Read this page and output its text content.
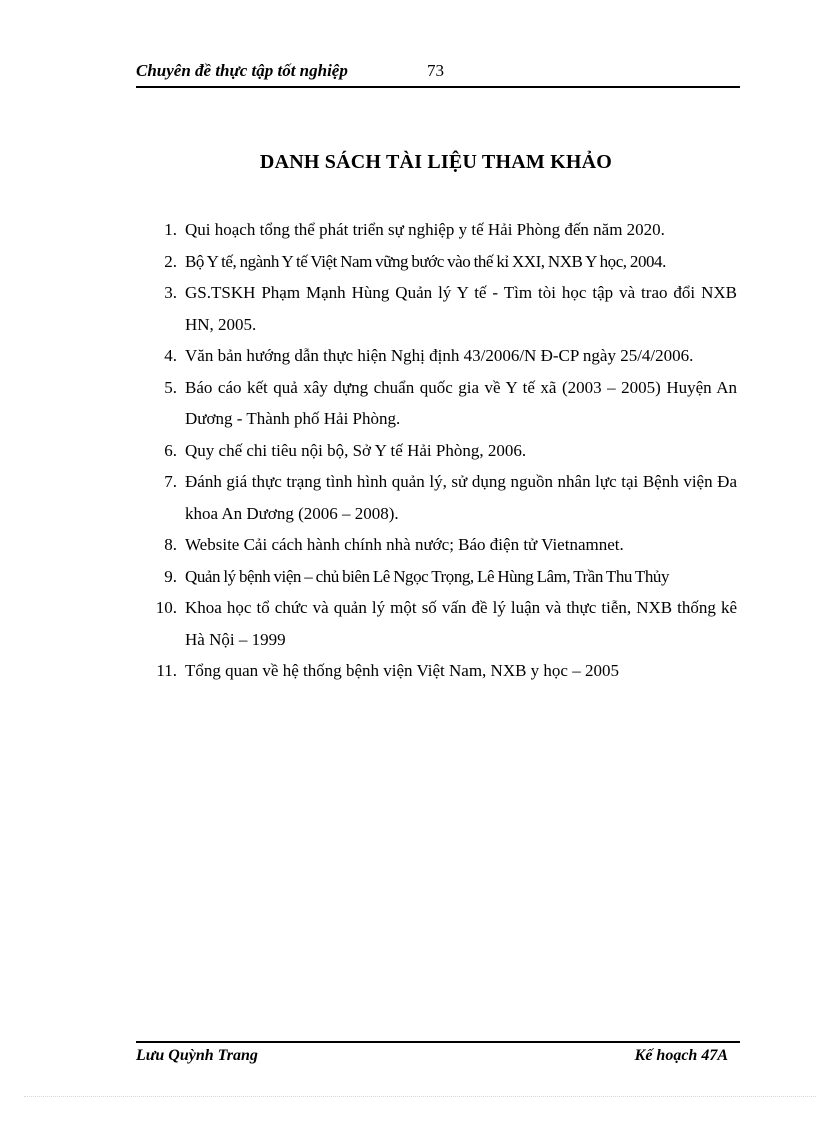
Chuyên đề thực tập tốt nghiệp	73
DANH SÁCH TÀI LIỆU THAM KHẢO
1. Qui hoạch tổng thể phát triển sự nghiệp y tế Hải Phòng đến năm 2020.
2. Bộ Y tế, ngành Y tế Việt Nam vững bước vào thế kỉ XXI, NXB Y học, 2004.
3. GS.TSKH Phạm Mạnh Hùng Quản lý Y tế - Tìm tòi học tập và trao đổi NXB HN, 2005.
4. Văn bản hướng dẫn thực hiện Nghị định 43/2006/N Đ-CP ngày 25/4/2006.
5. Báo cáo kết quả xây dựng chuẩn quốc gia về Y tế xã (2003 – 2005) Huyện An Dương - Thành phố Hải Phòng.
6. Quy chế chi tiêu nội bộ, Sở Y tế Hải Phòng, 2006.
7. Đánh giá thực trạng tình hình quản lý, sử dụng nguồn nhân lực tại Bệnh viện Đa khoa An Dương (2006 – 2008).
8. Website Cải cách hành chính nhà nước; Báo điện tử Vietnamnet.
9. Quản lý bệnh viện – chủ biên Lê Ngọc Trọng, Lê Hùng Lâm, Trần Thu Thủy
10. Khoa học tổ chức và quản lý một số vấn đề lý luận và thực tiễn, NXB thống kê Hà Nội – 1999
11. Tổng quan về hệ thống bệnh viện Việt Nam, NXB y học – 2005
Lưu Quỳnh Trang	Kế hoạch 47A
